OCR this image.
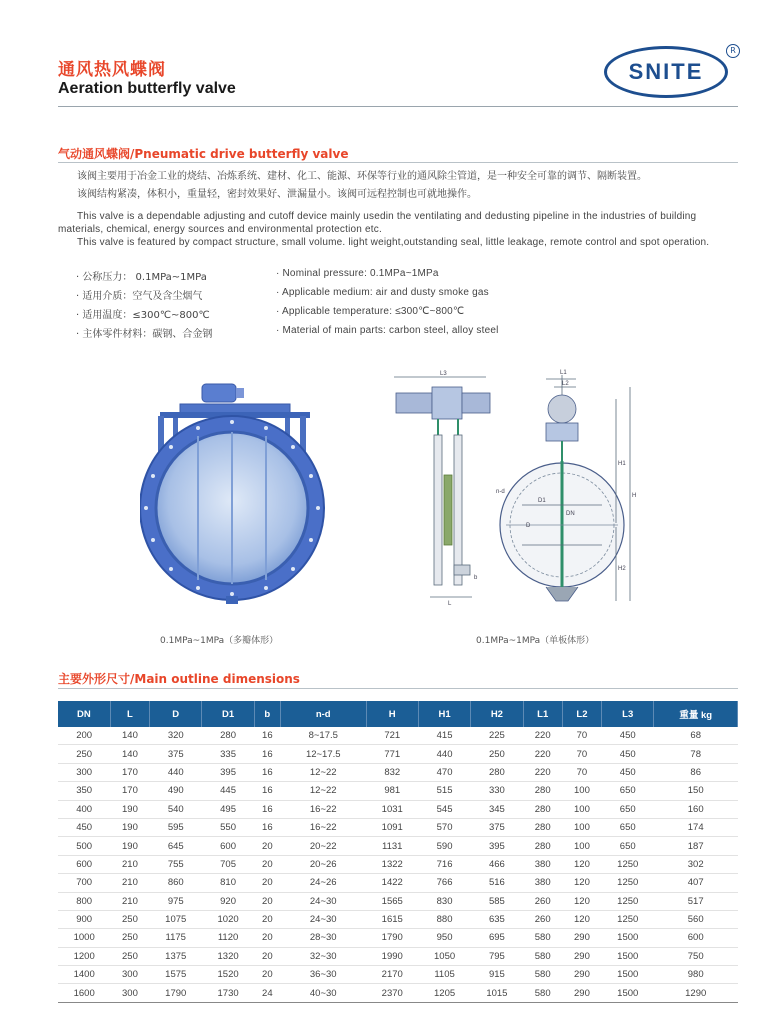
通风热风蝶阀
Aeration butterfly valve
SNITE
R
气动通风蝶阀/Pneumatic drive butterfly valve
该阀主要用于冶金工业的烧结、冶炼系统、建材、化工、能源、环保等行业的通风除尘管道，是一种安全可靠的调节、隔断装置。
该阀结构紧凑，体积小，重量轻，密封效果好、泄漏量小。该阀可远程控制也可就地操作。
This valve is a dependable adjusting and cutoff device mainly usedin the ventilating and dedusting pipeline in the industries of building materials, chemical, energy sources and environmental protection etc.
This valve is featured by compact structure, small volume. light weight,outstanding seal, little leakage, remote control and spot operation.
· 公称压力： 0.1MPa~1MPa
· 适用介质：空气及含尘烟气
· 适用温度：≤300℃~800℃
· 主体零件材料：碳钢、合金钢
· Nominal pressure: 0.1MPa~1MPa
· Applicable medium: air and dusty smoke gas
· Applicable temperature: ≤300℃~800℃
· Material of main parts: carbon steel, alloy steel
L3	L1
L2
H1
H
H2
L
b
D
D1
DN
n-d
0.1MPa~1MPa（多瓣体形）	0.1MPa~1MPa（单板体形）
主要外形尺寸/Main outline dimensions
DN	L	D	D1	b	n-d	H	H1	H2	L1	L2	L3	重量 kg
200	140	320	280	16	8~17.5	721	415	225	220	70	450	68
250	140	375	335	16	12~17.5	771	440	250	220	70	450	78
300	170	440	395	16	12~22	832	470	280	220	70	450	86
350	170	490	445	16	12~22	981	515	330	280	100	650	150
400	190	540	495	16	16~22	1031	545	345	280	100	650	160
450	190	595	550	16	16~22	1091	570	375	280	100	650	174
500	190	645	600	20	20~22	1131	590	395	280	100	650	187
600	210	755	705	20	20~26	1322	716	466	380	120	1250	302
700	210	860	810	20	24~26	1422	766	516	380	120	1250	407
800	210	975	920	20	24~30	1565	830	585	260	120	1250	517
900	250	1075	1020	20	24~30	1615	880	635	260	120	1250	560
1000	250	1175	1120	20	28~30	1790	950	695	580	290	1500	600
1200	250	1375	1320	20	32~30	1990	1050	795	580	290	1500	750
1400	300	1575	1520	20	36~30	2170	1105	915	580	290	1500	980
1600	300	1790	1730	24	40~30	2370	1205	1015	580	290	1500	1290
